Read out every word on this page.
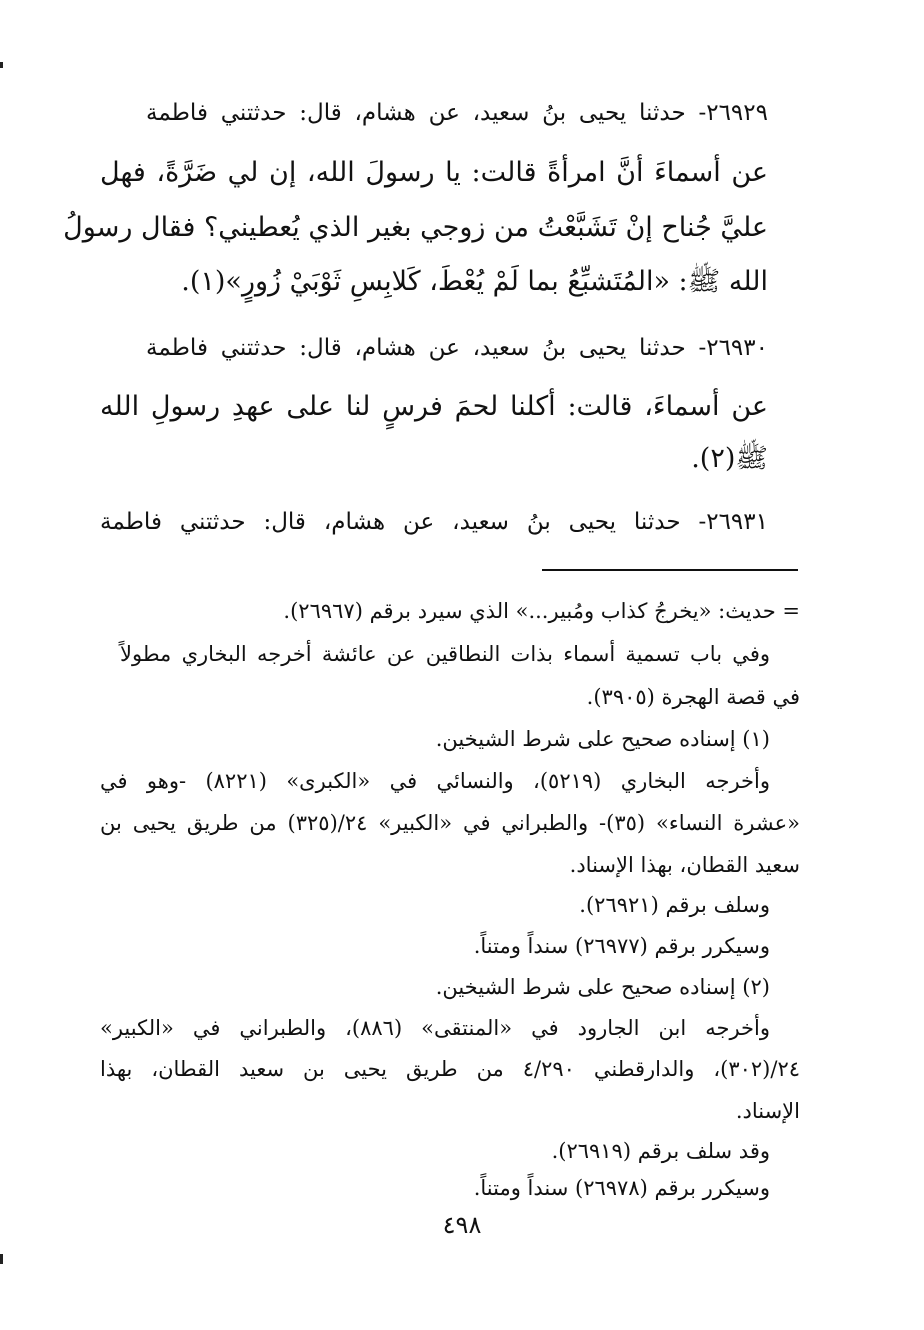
٢٦٩٢٩- حدثنا يحيى بنُ سعيد، عن هشام، قال: حدثتني فاطمة
عن أسماءَ أنَّ امرأةً قالت: يا رسولَ الله، إن لي ضَرَّةً، فهل
عليَّ جُناح إنْ تَشَبَّعْتُ من زوجي بغير الذي يُعطيني؟ فقال رسولُ
الله ﷺ: «المُتَشبِّعُ بما لَمْ يُعْطَ، كَلابِسِ ثَوْبَيْ زُورٍ»(١).
٢٦٩٣٠- حدثنا يحيى بنُ سعيد، عن هشام، قال: حدثتني فاطمة
عن أسماءَ، قالت: أكلنا لحمَ فرسٍ لنا على عهدِ رسولِ الله
ﷺ(٢).
٢٦٩٣١- حدثنا يحيى بنُ سعيد، عن هشام، قال: حدثتني فاطمة
= حديث: «يخرجُ كذاب ومُبير...» الذي سيرد برقم (٢٦٩٦٧).
وفي باب تسمية أسماء بذات النطاقين عن عائشة أخرجه البخاري مطولاً
في قصة الهجرة (٣٩٠٥).
(١) إسناده صحيح على شرط الشيخين.
وأخرجه البخاري (٥٢١٩)، والنسائي في «الكبرى» (٨٢٢١) -وهو في
«عشرة النساء» (٣٥)- والطبراني في «الكبير» ٢٤/(٣٢٥) من طريق يحيى بن
سعيد القطان، بهذا الإسناد.
وسلف برقم (٢٦٩٢١).
وسيكرر برقم (٢٦٩٧٧) سنداً ومتناً.
(٢) إسناده صحيح على شرط الشيخين.
وأخرجه ابن الجارود في «المنتقى» (٨٨٦)، والطبراني في «الكبير»
٢٤/(٣٠٢)، والدارقطني ٤/٢٩٠ من طريق يحيى بن سعيد القطان، بهذا
الإسناد.
وقد سلف برقم (٢٦٩١٩).
وسيكرر برقم (٢٦٩٧٨) سنداً ومتناً.
٤٩٨
